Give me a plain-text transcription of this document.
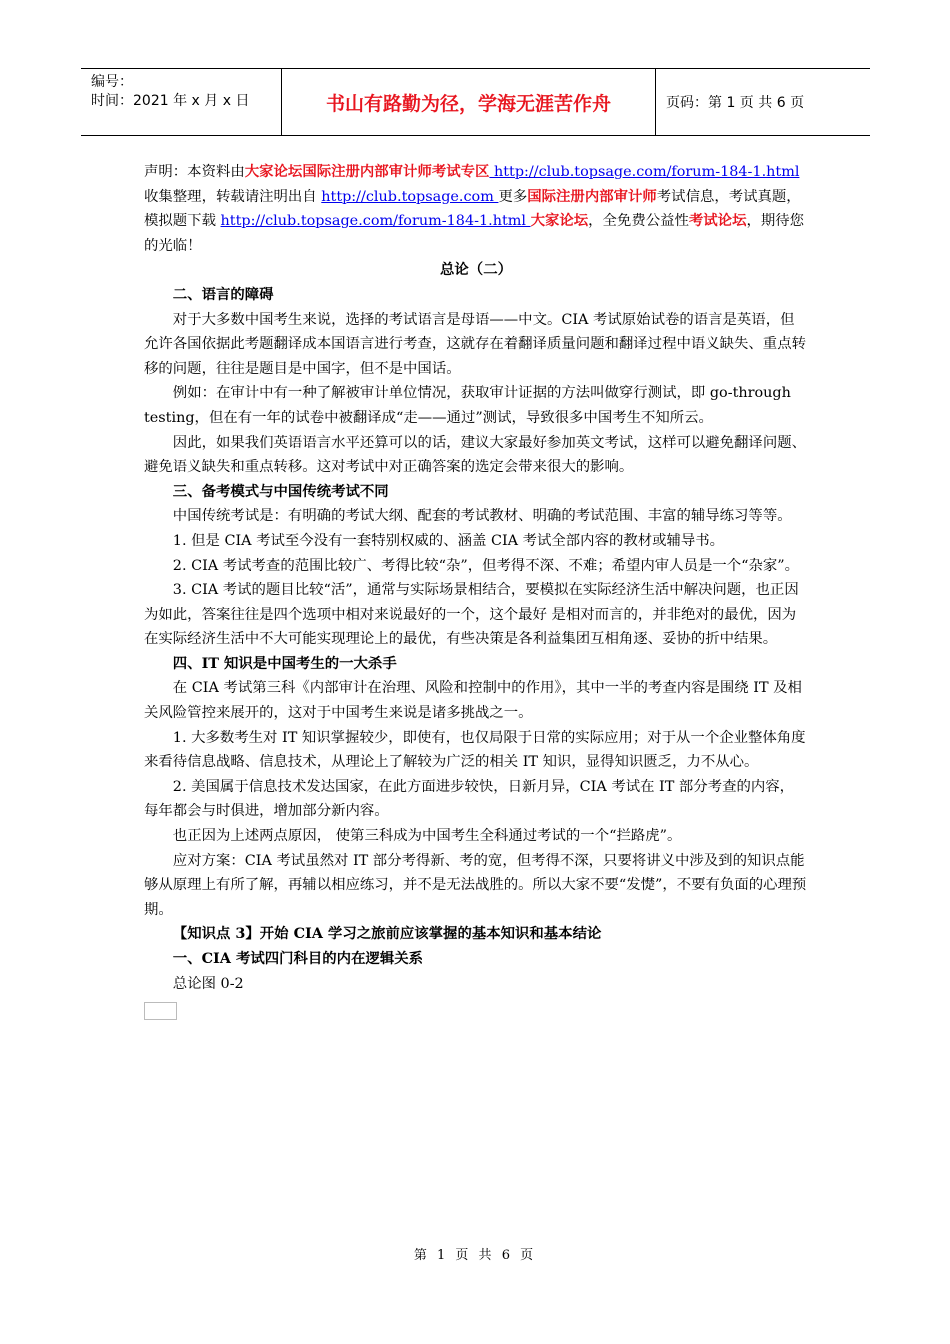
编号：
时间：2021 年 x 月 x 日	书山有路勤为径，学海无涯苦作舟	页码：第 1 页 共 6 页

声明：本资料由大家论坛国际注册内部审计师考试专区 http://club.topsage.com/forum-184-1.html 收集整理，转载请注明出自 http://club.topsage.com 更多国际注册内部审计师考试信息，考试真题，模拟题下载 http://club.topsage.com/forum-184-1.html 大家论坛，全免费公益性考试论坛，期待您的光临！

总论（二）

二、语言的障碍

对于大多数中国考生来说，选择的考试语言是母语——中文。CIA 考试原始试卷的语言是英语，但允许各国依据此考题翻译成本国语言进行考查，这就存在着翻译质量问题和翻译过程中语义缺失、重点转移的问题，往往是题目是中国字，但不是中国话。

例如：在审计中有一种了解被审计单位情况，获取审计证据的方法叫做穿行测试，即 go-through testing，但在有一年的试卷中被翻译成“走——通过”测试，导致很多中国考生不知所云。

因此，如果我们英语语言水平还算可以的话，建议大家最好参加英文考试，这样可以避免翻译问题、避免语义缺失和重点转移。这对考试中对正确答案的选定会带来很大的影响。

三、备考模式与中国传统考试不同

中国传统考试是：有明确的考试大纲、配套的考试教材、明确的考试范围、丰富的辅导练习等等。

1. 但是 CIA 考试至今没有一套特别权威的、涵盖 CIA 考试全部内容的教材或辅导书。

2. CIA 考试考查的范围比较广、考得比较“杂”，但考得不深、不难；希望内审人员是一个“杂家”。

3. CIA 考试的题目比较“活”，通常与实际场景相结合，要模拟在实际经济生活中解决问题，也正因为如此，答案往往是四个选项中相对来说最好的一个，这个最好 是相对而言的，并非绝对的最优，因为在实际经济生活中不大可能实现理论上的最优，有些决策是各利益集团互相角逐、妥协的折中结果。

四、IT 知识是中国考生的一大杀手

在 CIA 考试第三科《内部审计在治理、风险和控制中的作用》，其中一半的考查内容是围绕 IT 及相关风险管控来展开的，这对于中国考生来说是诸多挑战之一。

1. 大多数考生对 IT 知识掌握较少，即使有，也仅局限于日常的实际应用；对于从一个企业整体角度来看待信息战略、信息技术，从理论上了解较为广泛的相关 IT 知识，显得知识匮乏，力不从心。

2. 美国属于信息技术发达国家，在此方面进步较快，日新月异，CIA 考试在 IT 部分考查的内容，每年都会与时俱进，增加部分新内容。

也正因为上述两点原因， 使第三科成为中国考生全科通过考试的一个“拦路虎”。

应对方案：CIA 考试虽然对 IT 部分考得新、考的宽，但考得不深，只要将讲义中涉及到的知识点能够从原理上有所了解，再辅以相应练习，并不是无法战胜的。所以大家不要“发憷”，不要有负面的心理预期。

【知识点 3】开始 CIA 学习之旅前应该掌握的基本知识和基本结论

一、CIA 考试四门科目的内在逻辑关系

总论图 0-2

第 1 页 共 6 页
